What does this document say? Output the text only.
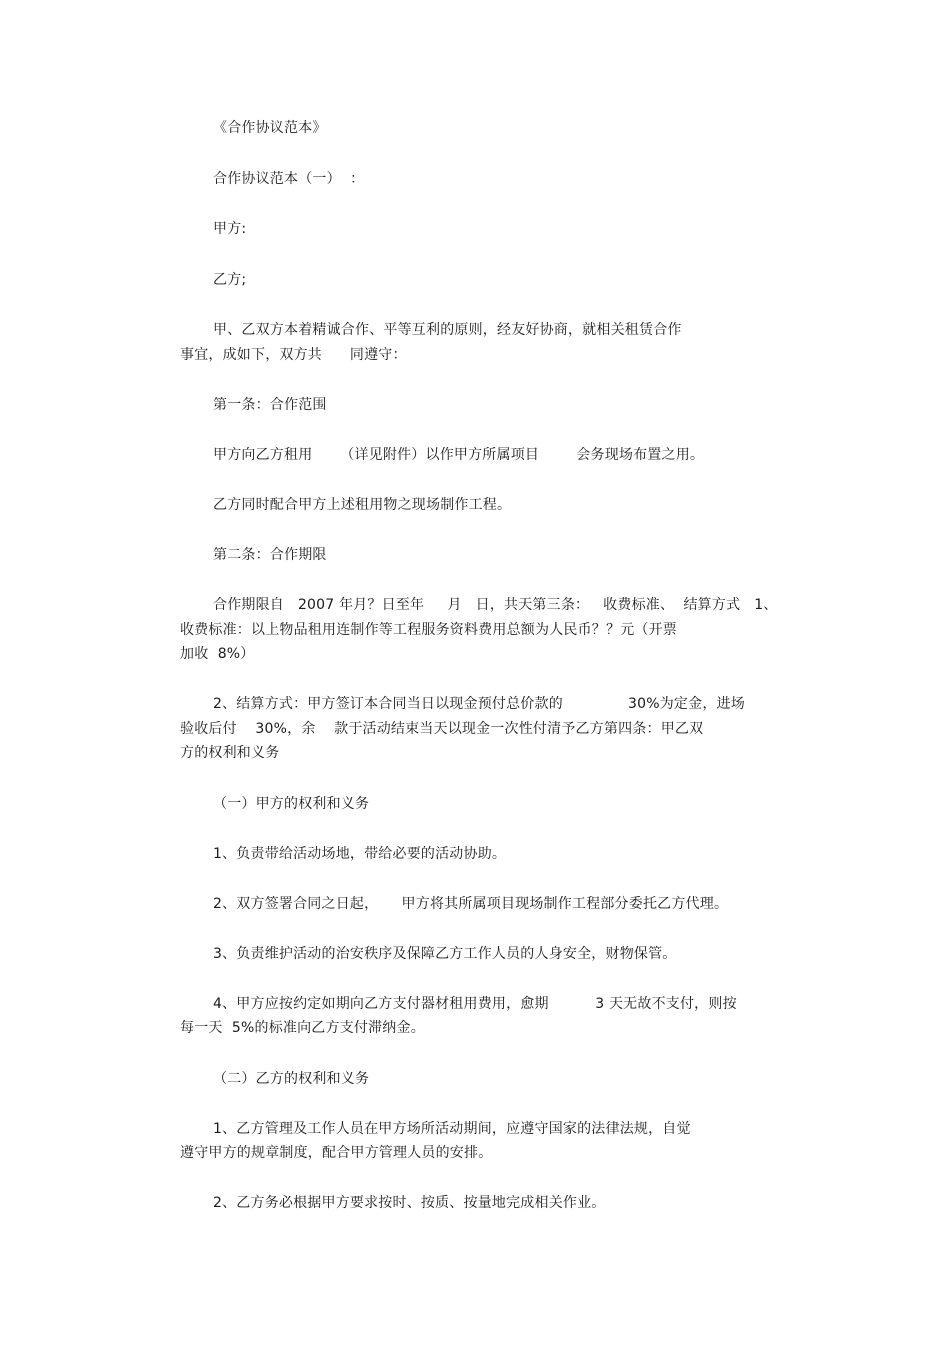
《合作协议范本》
合作协议范本（一）  ：
甲方:
乙方;
甲、乙双方本着精诚合作、平等互利的原则，经友好协商，就相关租赁合作
事宜，成如下，双方共      同遵守：
第一条：合作范围
甲方向乙方租用      （详见附件）以作甲方所属项目        会务现场布置之用。
乙方同时配合甲方上述租用物之现场制作工程。
第二条：合作期限
合作期限自   2007 年月？日至年     月   日，共天第三条：   收费标准、  结算方式   1、
收费标准：以上物品租用连制作等工程服务资料费用总额为人民币？？元（开票
加收  8%）
2、结算方式：甲方签订本合同当日以现金预付总价款的              30%为定金，进场
验收后付    30%，余    款于活动结束当天以现金一次性付清予乙方第四条：甲乙双
方的权利和义务
（一）甲方的权利和义务
1、负责带给活动场地，带给必要的活动协助。
2、双方签署合同之日起，     甲方将其所属项目现场制作工程部分委托乙方代理。
3、负责维护活动的治安秩序及保障乙方工作人员的人身安全，财物保管。
4、甲方应按约定如期向乙方支付器材租用费用，愈期          3 天无故不支付，则按
每一天  5%的标准向乙方支付滞纳金。
（二）乙方的权利和义务
1、乙方管理及工作人员在甲方场所活动期间，应遵守国家的法律法规，自觉
遵守甲方的规章制度，配合甲方管理人员的安排。
2、乙方务必根据甲方要求按时、按质、按量地完成相关作业。
